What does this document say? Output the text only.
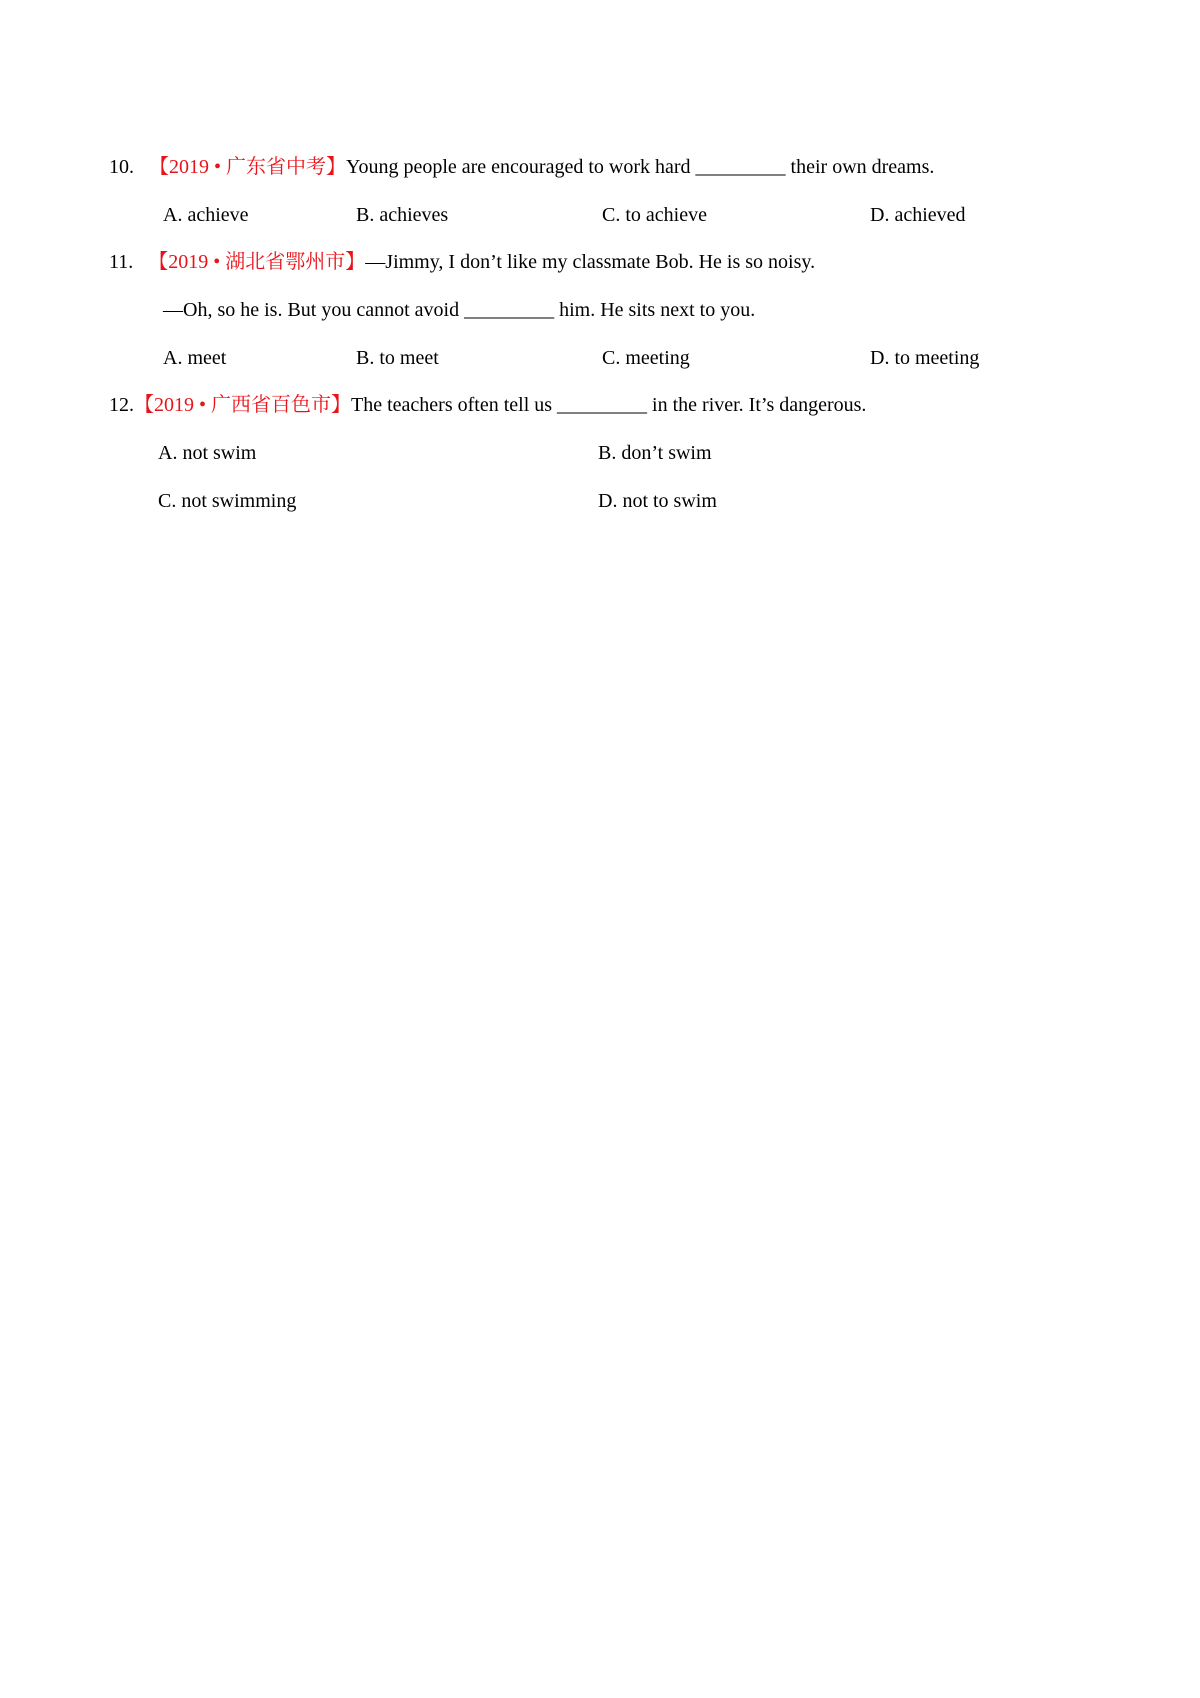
10. 【2019 • 广东省中考】Young people are encouraged to work hard _________ their own dreams.
A. achieve	B. achieves	C. to achieve	D. achieved
11. 【2019 • 湖北省鄂州市】—Jimmy, I don’t like my classmate Bob. He is so noisy.
—Oh, so he is. But you cannot avoid _________ him. He sits next to you.
A. meet	B. to meet	C. meeting	D. to meeting
12.【2019 • 广西省百色市】The teachers often tell us _________ in the river. It’s dangerous.
A. not swim	B. don’t swim
C. not swimming	D. not to swim
